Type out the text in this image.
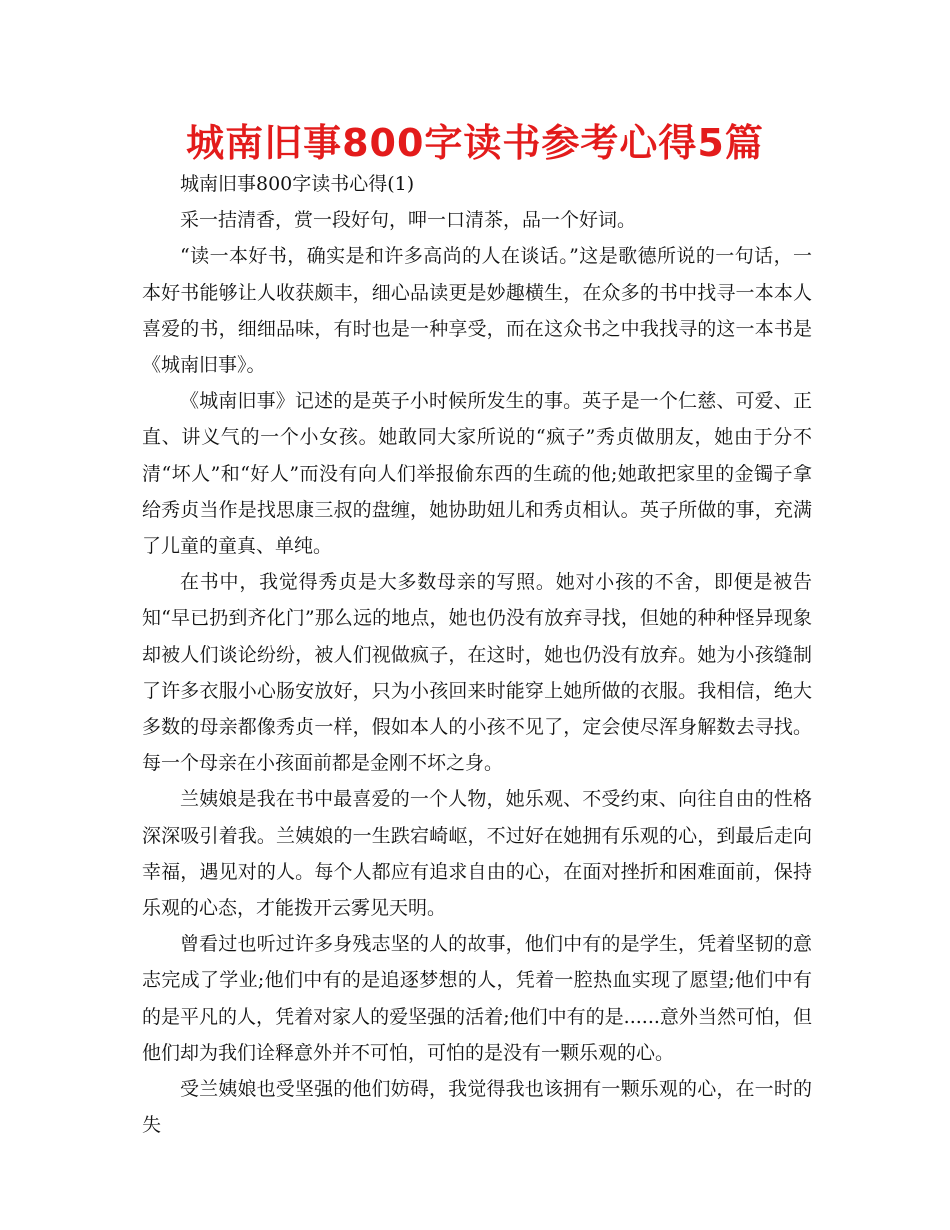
城南旧事800字读书参考心得5篇

城南旧事800字读书心得(1)

采一拮清香，赏一段好句，呷一口清茶，品一个好词。

“读一本好书，确实是和许多高尚的人在谈话。”这是歌德所说的一句话，一本好书能够让人收获颇丰，细心品读更是妙趣横生，在众多的书中找寻一本本人喜爱的书，细细品味，有时也是一种享受，而在这众书之中我找寻的这一本书是《城南旧事》。

《城南旧事》记述的是英子小时候所发生的事。英子是一个仁慈、可爱、正直、讲义气的一个小女孩。她敢同大家所说的“疯子”秀贞做朋友，她由于分不清“坏人”和“好人”而没有向人们举报偷东西的生疏的他;她敢把家里的金镯子拿给秀贞当作是找思康三叔的盘缠，她协助妞儿和秀贞相认。英子所做的事，充满了儿童的童真、单纯。

在书中，我觉得秀贞是大多数母亲的写照。她对小孩的不舍，即便是被告知“早已扔到齐化门”那么远的地点，她也仍没有放弃寻找，但她的种种怪异现象却被人们谈论纷纷，被人们视做疯子，在这时，她也仍没有放弃。她为小孩缝制了许多衣服小心肠安放好，只为小孩回来时能穿上她所做的衣服。我相信，绝大多数的母亲都像秀贞一样，假如本人的小孩不见了，定会使尽浑身解数去寻找。每一个母亲在小孩面前都是金刚不坏之身。

兰姨娘是我在书中最喜爱的一个人物，她乐观、不受约束、向往自由的性格深深吸引着我。兰姨娘的一生跌宕崎岖，不过好在她拥有乐观的心，到最后走向幸福，遇见对的人。每个人都应有追求自由的心，在面对挫折和困难面前，保持乐观的心态，才能拨开云雾见天明。

曾看过也听过许多身残志坚的人的故事，他们中有的是学生，凭着坚韧的意志完成了学业;他们中有的是追逐梦想的人，凭着一腔热血实现了愿望;他们中有的是平凡的人，凭着对家人的爱坚强的活着;他们中有的是......意外当然可怕，但他们却为我们诠释意外并不可怕，可怕的是没有一颗乐观的心。

受兰姨娘也受坚强的他们妨碍，我觉得我也该拥有一颗乐观的心，在一时的失
